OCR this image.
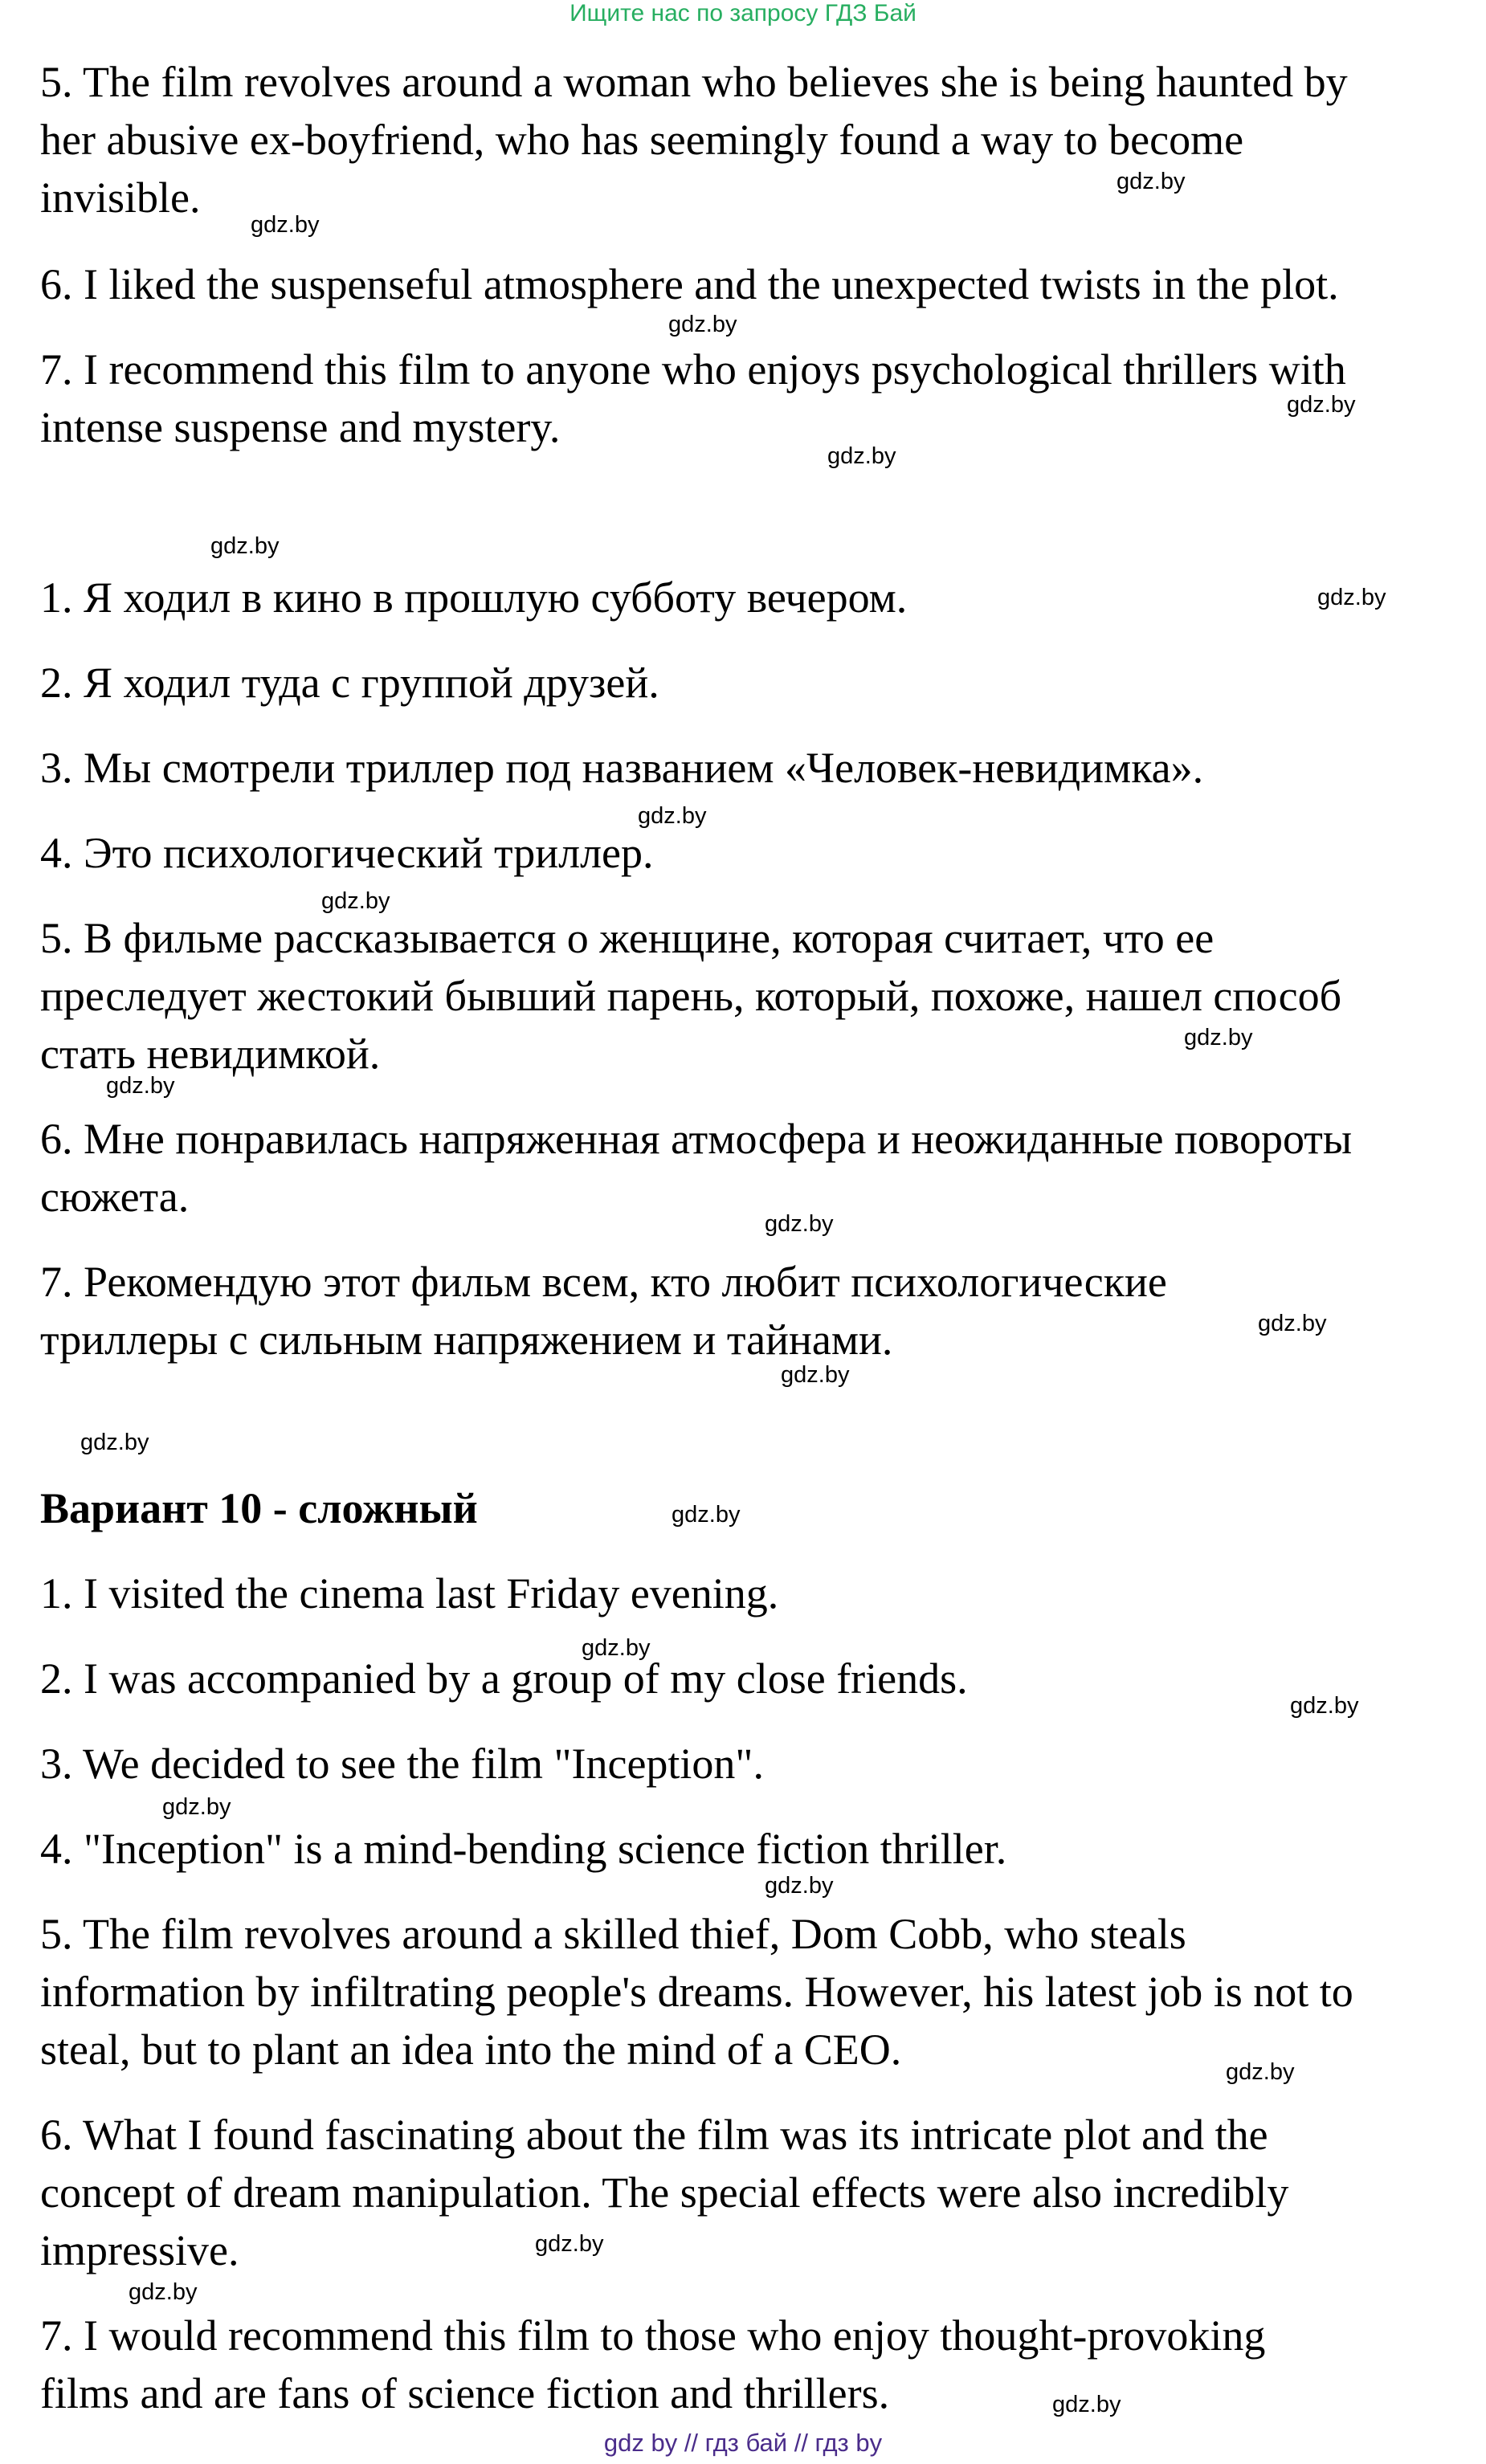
Ищите нас по запросу ГДЗ Бай
5. The film revolves around a woman who believes she is being haunted by
her abusive ex-boyfriend, who has seemingly found a way to become
invisible.
6. I liked the suspenseful atmosphere and the unexpected twists in the plot.
7. I recommend this film to anyone who enjoys psychological thrillers with
intense suspense and mystery.
1. Я ходил в кино в прошлую субботу вечером.
2. Я ходил туда с группой друзей.
3. Мы смотрели триллер под названием «Человек-невидимка».
4. Это психологический триллер.
5. В фильме рассказывается о женщине, которая считает, что ее
преследует жестокий бывший парень, который, похоже, нашел способ
стать невидимкой.
6. Мне понравилась напряженная атмосфера и неожиданные повороты
сюжета.
7. Рекомендую этот фильм всем, кто любит психологические
триллеры с сильным напряжением и тайнами.
Вариант 10 - сложный
1. I visited the cinema last Friday evening.
2. I was accompanied by a group of my close friends.
3. We decided to see the film "Inception".
4. "Inception" is a mind-bending science fiction thriller.
5. The film revolves around a skilled thief, Dom Cobb, who steals
information by infiltrating people's dreams. However, his latest job is not to
steal, but to plant an idea into the mind of a CEO.
6. What I found fascinating about the film was its intricate plot and the
concept of dream manipulation. The special effects were also incredibly
impressive.
7. I would recommend this film to those who enjoy thought-provoking
films and are fans of science fiction and thrillers.
gdz.by
gdz.by
gdz.by
gdz.by
gdz.by
gdz.by
gdz.by
gdz.by
gdz.by
gdz.by
gdz.by
gdz.by
gdz.by
gdz.by
gdz.by
gdz.by
gdz.by
gdz.by
gdz.by
gdz.by
gdz.by
gdz.by
gdz.by
gdz.by
gdz by // гдз бай // гдз by
